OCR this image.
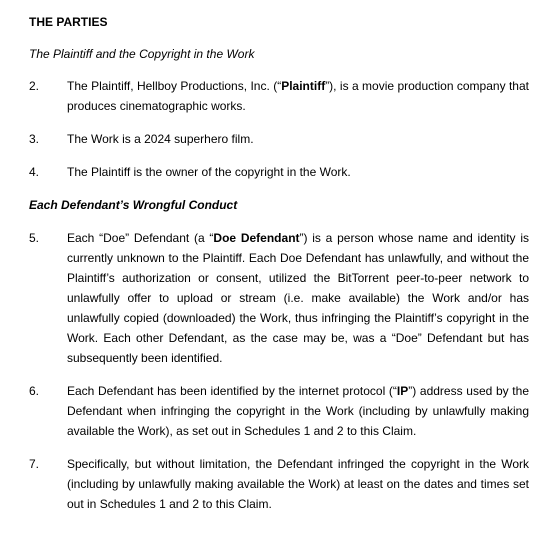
THE PARTIES
The Plaintiff and the Copyright in the Work
2.	The Plaintiff, Hellboy Productions, Inc. (“Plaintiff”), is a movie production company that produces cinematographic works.
3.	The Work is a 2024 superhero film.
4.	The Plaintiff is the owner of the copyright in the Work.
Each Defendant’s Wrongful Conduct
5.	Each “Doe” Defendant (a “Doe Defendant”) is a person whose name and identity is currently unknown to the Plaintiff. Each Doe Defendant has unlawfully, and without the Plaintiff’s authorization or consent, utilized the BitTorrent peer-to-peer network to unlawfully offer to upload or stream (i.e. make available) the Work and/or has unlawfully copied (downloaded) the Work, thus infringing the Plaintiff’s copyright in the Work. Each other Defendant, as the case may be, was a “Doe” Defendant but has subsequently been identified.
6.	Each Defendant has been identified by the internet protocol (“IP”) address used by the Defendant when infringing the copyright in the Work (including by unlawfully making available the Work), as set out in Schedules 1 and 2 to this Claim.
7.	Specifically, but without limitation, the Defendant infringed the copyright in the Work (including by unlawfully making available the Work) at least on the dates and times set out in Schedules 1 and 2 to this Claim.
